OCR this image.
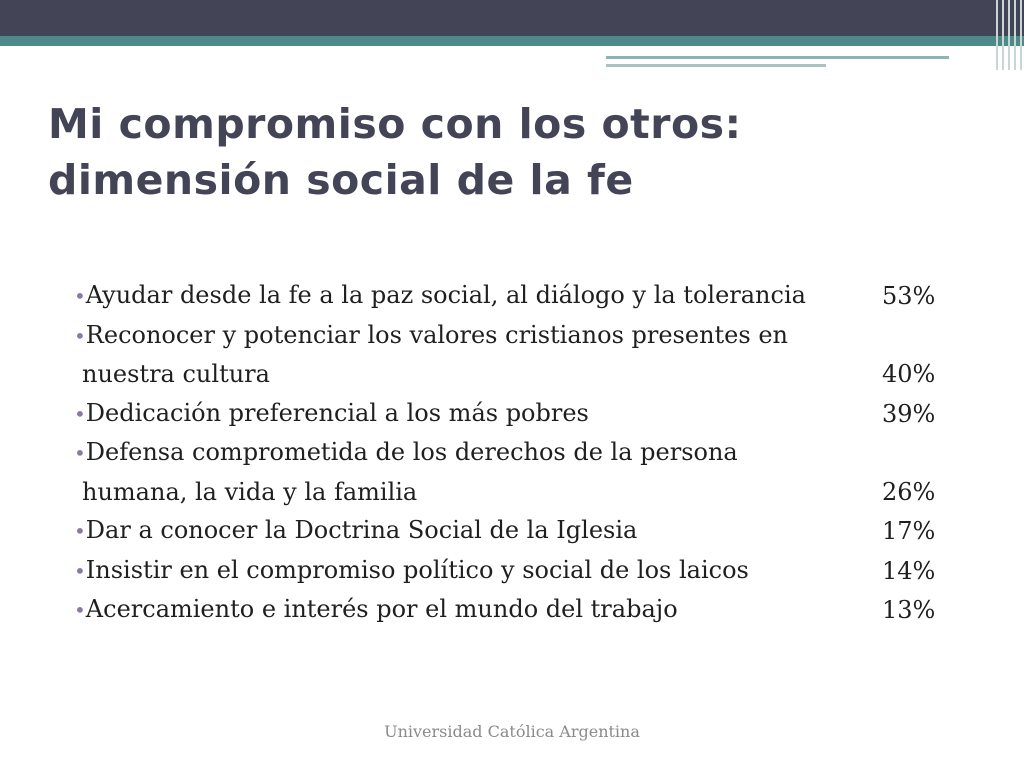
Mi compromiso con los otros:
dimensión social de la fe
•Ayudar desde la fe a la paz social, al diálogo y la tolerancia	53%
•Reconocer y potenciar los valores cristianos presentes en
nuestra cultura	40%
•Dedicación preferencial a los más pobres	39%
•Defensa comprometida de los derechos de la persona
humana, la vida y la familia	26%
•Dar a conocer la Doctrina Social de la Iglesia	17%
•Insistir en el compromiso político y social de los laicos	14%
•Acercamiento e interés por el mundo del trabajo	13%
Universidad Católica Argentina
